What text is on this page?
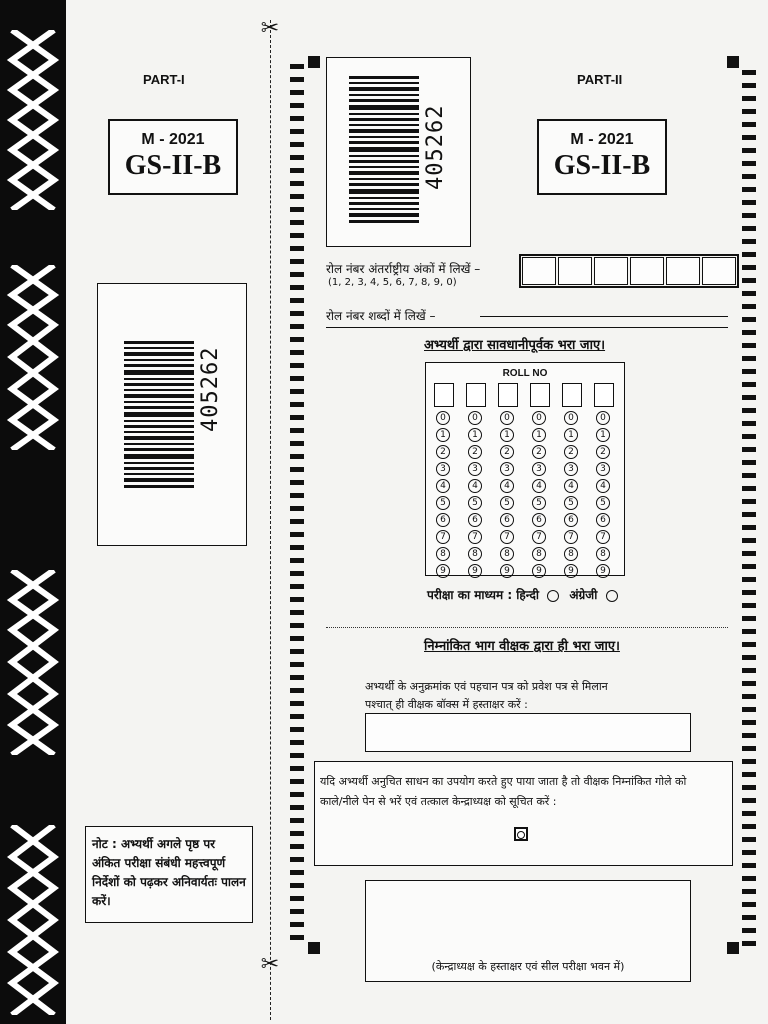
✂
✂
PART-I
M - 2021
GS-II-B
405262
नोट : अभ्यर्थी अगले पृष्ठ पर अंकित परीक्षा संबंधी महत्त्वपूर्ण निर्देशों को पढ़कर अनिवार्यतः पालन करें।
PART-II
M - 2021
GS-II-B
405262
रोल नंबर अंतर्राष्ट्रीय अंकों में लिखें –
(1, 2, 3, 4, 5, 6, 7, 8, 9, 0)
रोल नंबर शब्दों में लिखें –
अभ्यर्थी द्वारा सावधानीपूर्वक भरा जाए।
ROLL NO
0
1
2
3
4
5
6
7
8
9
0
1
2
3
4
5
6
7
8
9
0
1
2
3
4
5
6
7
8
9
0
1
2
3
4
5
6
7
8
9
0
1
2
3
4
5
6
7
8
9
0
1
2
3
4
5
6
7
8
9
परीक्षा का माध्यम : हिन्दी	अंग्रेजी
निम्नांकित भाग वीक्षक द्वारा ही भरा जाए।
अभ्यर्थी के अनुक्रमांक एवं पहचान पत्र को प्रवेश पत्र से मिलान
पश्चात् ही वीक्षक बॉक्स में हस्ताक्षर करें :
यदि अभ्यर्थी अनुचित साधन का उपयोग करते हुए पाया जाता है तो वीक्षक निम्नांकित गोले को
काले/नीले पेन से भरें एवं तत्काल केन्द्राध्यक्ष को सूचित करें :
(केन्द्राध्यक्ष के हस्ताक्षर एवं सील परीक्षा भवन में)
